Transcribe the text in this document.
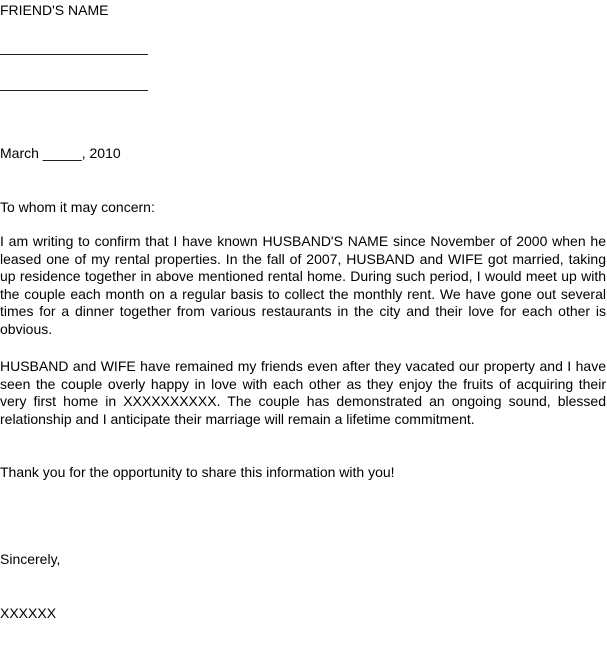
FRIEND'S NAME
___________________
___________________
March _____, 2010
To whom it may concern:
I am writing to confirm that I have known HUSBAND'S NAME since November of 2000 when he leased one of my rental properties. In the fall of 2007, HUSBAND and WIFE got married, taking up residence together in above mentioned rental home. During such period, I would meet up with the couple each month on a regular basis to collect the monthly rent. We have gone out several times for a dinner together from various restaurants in the city and their love for each other is obvious.
HUSBAND and WIFE have remained my friends even after they vacated our property and I have seen the couple overly happy in love with each other as they enjoy the fruits of acquiring their very first home in XXXXXXXXXX. The couple has demonstrated an ongoing sound, blessed relationship and I anticipate their marriage will remain a lifetime commitment.
Thank you for the opportunity to share this information with you!
Sincerely,
XXXXXX
